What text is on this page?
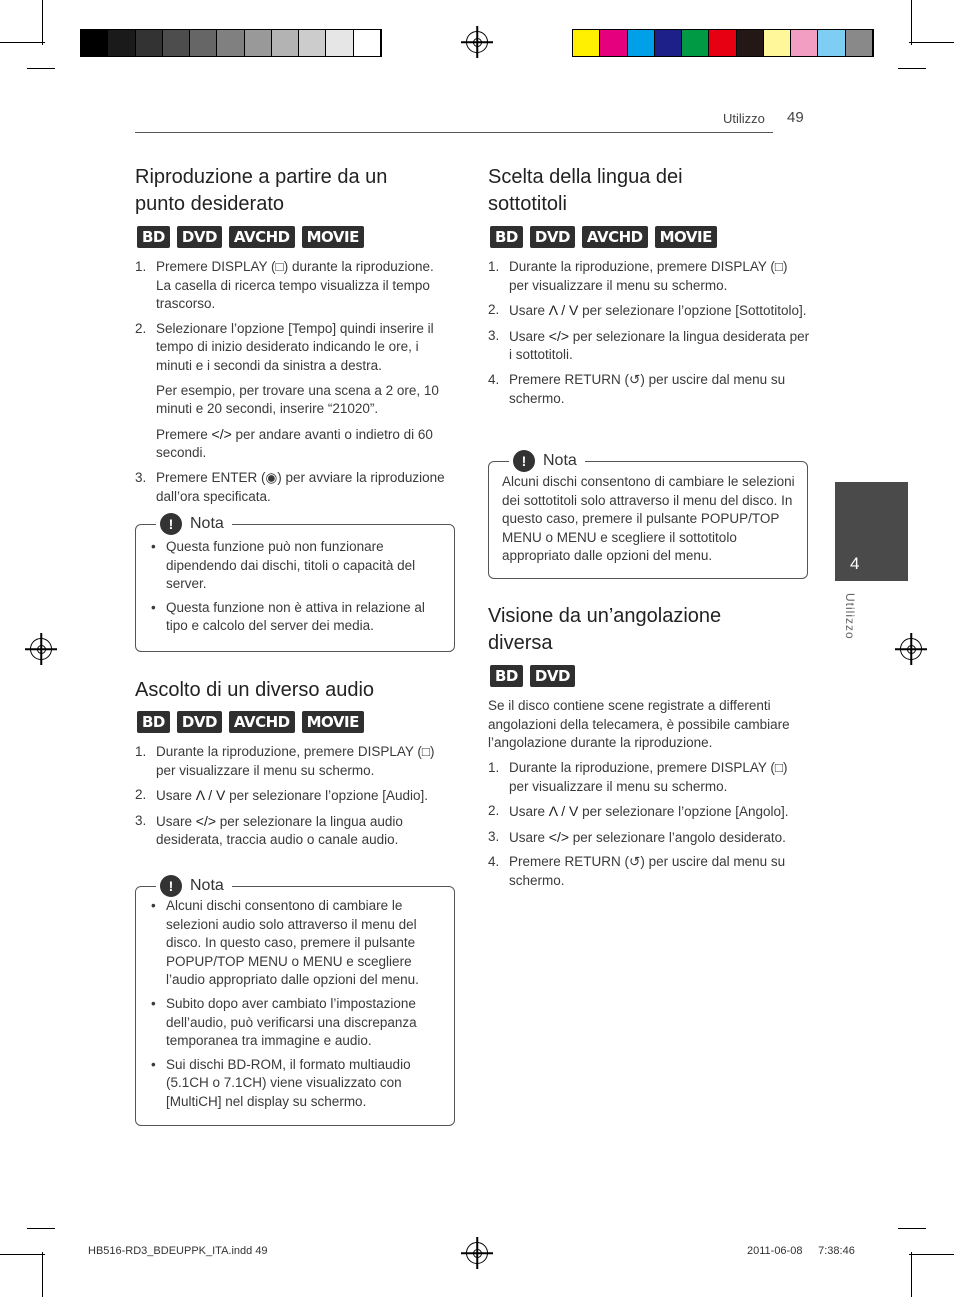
Utilizzo 49
4
Utilizzo
Riproduzione a partire da un
punto desiderato
BD	DVD	AVCHD	MOVIE
1. Premere DISPLAY (□) durante la riproduzione. La casella di ricerca tempo visualizza il tempo trascorso.
2. Selezionare l’opzione [Tempo] quindi inserire il tempo di inizio desiderato indicando le ore, i minuti e i secondi da sinistra a destra.

Per esempio, per trovare una scena a 2 ore, 10 minuti e 20 secondi, inserire “21020”.

Premere </> per andare avanti o indietro di 60 secondi.

3. Premere ENTER (◉) per avviare la riproduzione dall’ora specificata.
!	Nota
• Questa funzione può non funzionare dipendendo dai dischi, titoli o capacità del server.
• Questa funzione non è attiva in relazione al tipo e calcolo del server dei media.
Ascolto di un diverso audio
BD	DVD	AVCHD	MOVIE
1. Durante la riproduzione, premere DISPLAY (□) per visualizzare il menu su schermo.
2. Usare Λ / V per selezionare l’opzione [Audio].
3. Usare </> per selezionare la lingua audio desiderata, traccia audio o canale audio.
!	Nota
• Alcuni dischi consentono di cambiare le selezioni audio solo attraverso il menu del disco. In questo caso, premere il pulsante POPUP/TOP MENU o MENU e scegliere l’audio appropriato dalle opzioni del menu.
• Subito dopo aver cambiato l’impostazione dell’audio, può verificarsi una discrepanza temporanea tra immagine e audio.
• Sui dischi BD-ROM, il formato multiaudio (5.1CH o 7.1CH) viene visualizzato con [MultiCH] nel display su schermo.
Scelta della lingua dei
sottotitoli
BD	DVD	AVCHD	MOVIE
1. Durante la riproduzione, premere DISPLAY (□) per visualizzare il menu su schermo.
2. Usare Λ / V per selezionare l’opzione [Sottotitolo].
3. Usare </> per selezionare la lingua desiderata per i sottotitoli.
4. Premere RETURN (↺) per uscire dal menu su schermo.
!	Nota
Alcuni dischi consentono di cambiare le selezioni dei sottotitoli solo attraverso il menu del disco. In questo caso, premere il pulsante POPUP/TOP MENU o MENU e scegliere il sottotitolo appropriato dalle opzioni del menu.
Visione da un’angolazione
diversa
BD	DVD
Se il disco contiene scene registrate a differenti angolazioni della telecamera, è possibile cambiare l’angolazione durante la riproduzione.
1. Durante la riproduzione, premere DISPLAY (□) per visualizzare il menu su schermo.
2. Usare Λ / V per selezionare l’opzione [Angolo].
3. Usare </> per selezionare l’angolo desiderato.
4. Premere RETURN (↺) per uscire dal menu su schermo.
HB516-RD3_BDEUPPK_ITA.indd 49	2011-06-08 7:38:46
